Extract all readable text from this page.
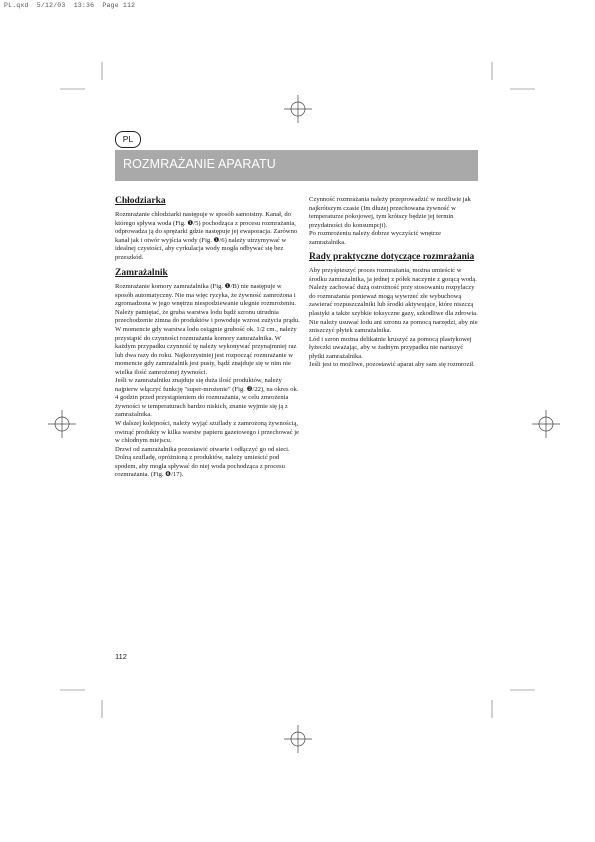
PL.qxd  5/12/03  13:36  Page 112
PL
ROZMRAŻANIE APARATU
Chłodziarka

Rozmrażanie chłodziarki następuje w sposób samoistny. Kanał, do którego spływa woda (Fig. ❶/5) pochodząca z procesu rozmrażania, odprowadza ją do sprężarki gdzie następuje jej ewaporacja. Zarówno kanał jak i otwór wyjścia wody (Fig. ❶/6) należy utrzymywać w idealnej czystości, aby cyrkulacja wody mogła odbywać się bez przeszkód.

Zamrażalnik

Rozmrażanie komory zamrażalnika (Fig. ❶/B) nie następuje w sposób automatyczny. Nie ma więc ryzyka, że żywność zamrożona i zgromadzona w jego wnętrzu niespodziewanie ulegnie rozmrożeniu.

Należy pamiętać, że gruba warstwa lodu bądź szronu utrudnia przechodzenie zimna do produktów i powoduje wzrost zużycia prądu.

W momencie gdy warstwa lodu osiągnie grubość ok. 1/2 cm., należy przystąpić do czynności rozmrażania komory zamrażalnika. W każdym przypadku czynność tę należy wykonywać przynajmniej raz lub dwa razy do roku. Najkorzystniej jest rozpocząć rozmrażanie w momencie gdy zamrażalnik jest pusty, bądź znajduje się w nim nie wielka ilość zamrożonej żywności.

Jeśli w zamrażalniku znajduje się duża ilość produktów, należy najpierw włączyć funkcję "super-mrożenie" (Fig. ❷/22), na okres ok. 4 godzin przed przystąpieniem do rozmrażania, w celu zmrożenia żywności w temperaturach bardzo niskich, znanie wyjmie się ją z zamrażalnika.

W dalszej kolejności, należy wyjąć szuflady z zamrożoną żywnością, owinąć produkty w kilka warstw papieru gazetowego i przechować je w chłodnym miejscu.

Drzwi od zamrażalnika pozostawić otwarte i odłączyć go od sieci.

Dolną szufladę, opróżnioną z produktów, należy umieścić pod spodem, aby mogła spływać do niej woda pochodząca z procesu rozmrażania. (Fig. ❻/17).

Czynność rozmrażania należy przeprowadzić w możliwie jak najkrótszym czasie (Im dłużej przechowana żywność w temperaturze pokojowej, tym krótszy będzie jej termin przydatności do konsumpcji).

Po rozmrożeniu należy dobrze wyczyścić wnętrze zamrażalnika.

Rady praktyczne dotyczące rozmrażania

Aby przyśpieszyć proces rozmrażania, można umieścić w środku zamrażalnika, ja jednej z półek naczynie z gorącą wodą.

Należy zachować dużą ostrożność przy stosowaniu rozpylaczy do rozmrażania ponieważ mogą wywrzeć złe wybuchową zawierać rozpuszczalniki lub środki aktywujące, które niszczą plastyki a także szybkie toksyczne gazy, szkodliwe dla zdrowia.

Nie należy usuwać lodu ani szronu za pomocą narzędzi, aby nie zniszczyć płytek zamrażalnika.

Lód i szron można delikatnie kruszyć za pomocą plastykowej łyżeczki uważając, aby w żadnym przypadku nie naruszyć płytki zamrażalnika.

Jeśli jest to możliwe, pozostawić aparat aby sam się rozmroził.

112
